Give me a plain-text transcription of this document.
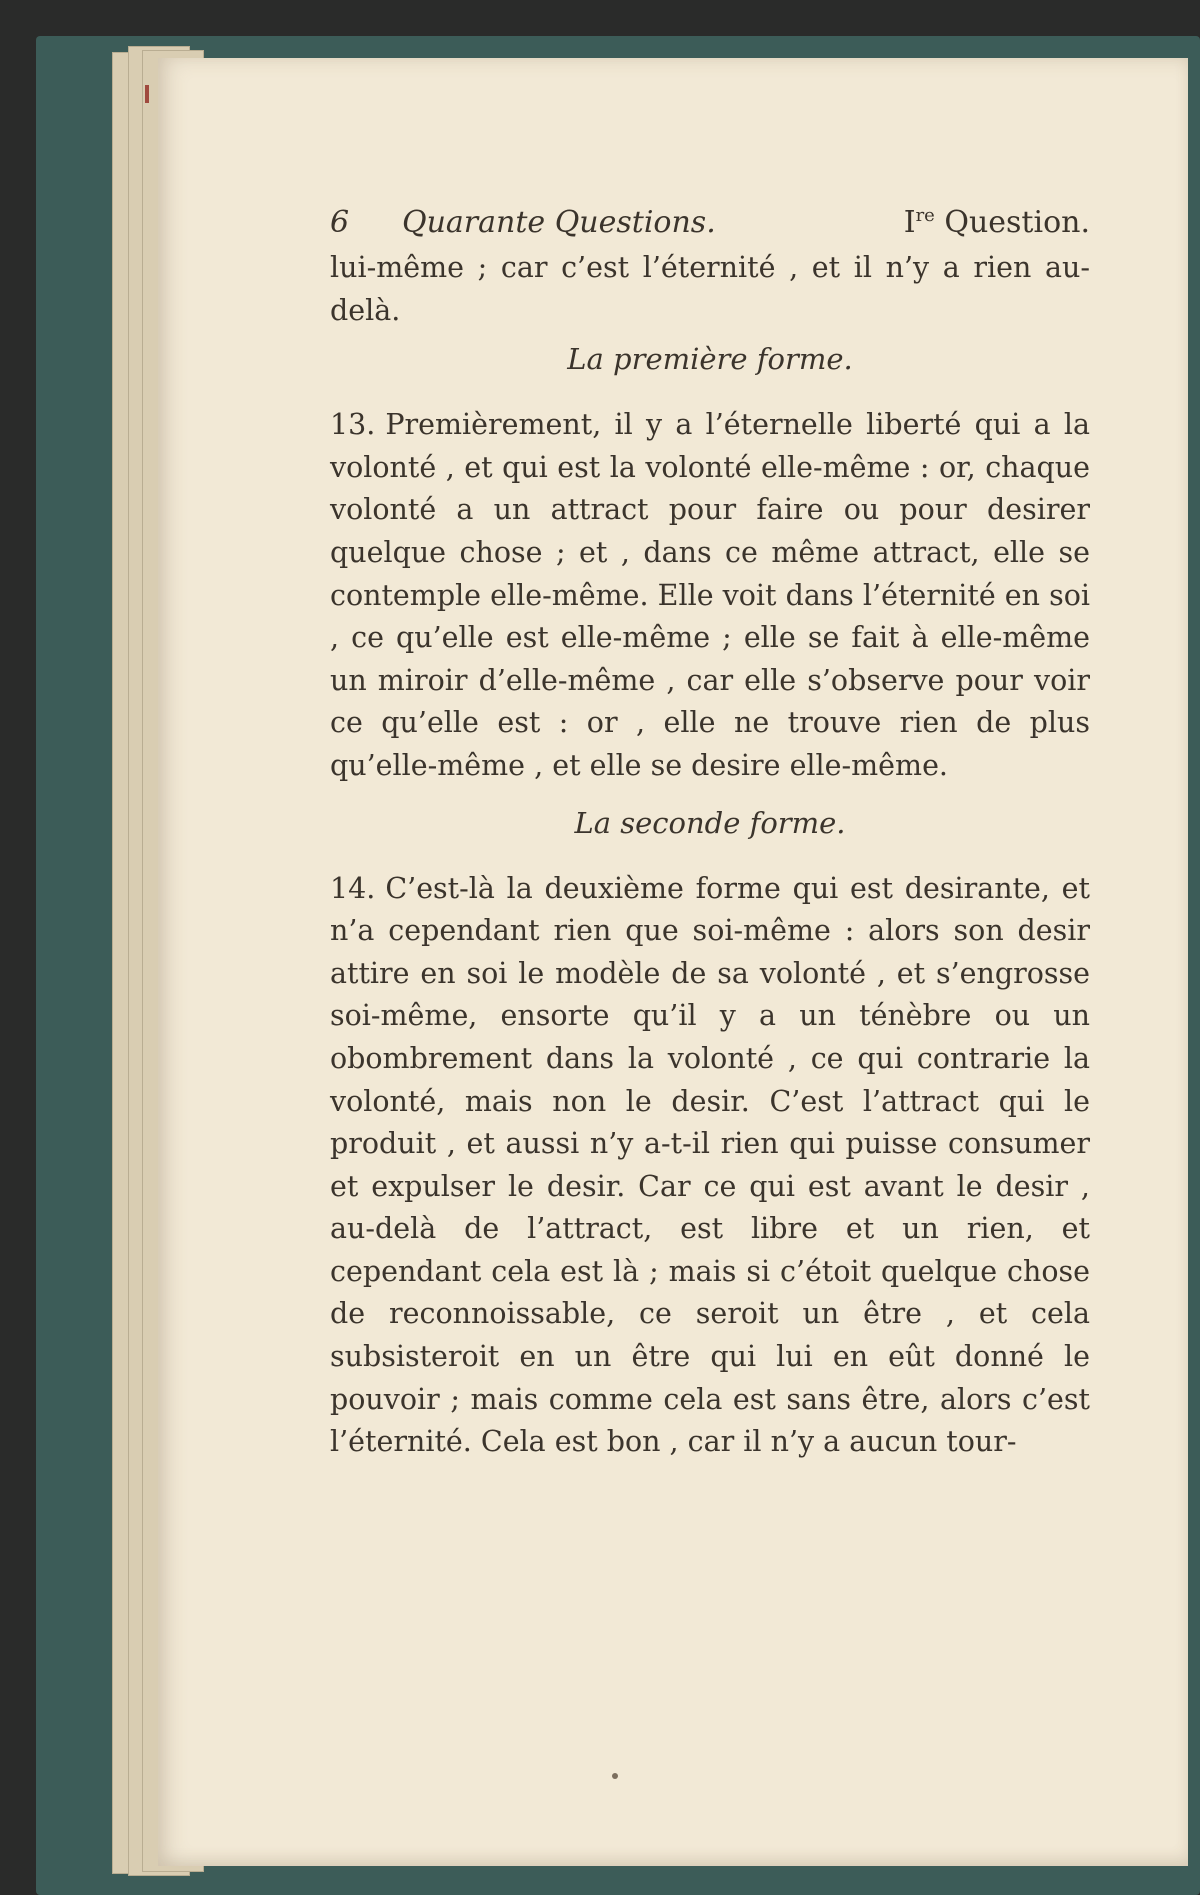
6 Quarante Questions.	Ire Question.

lui-même ; car c’est l’éternité , et il n’y a rien au-delà.

La première forme.

13. Premièrement, il y a l’éternelle liberté qui a la volonté , et qui est la volonté elle-même : or, chaque volonté a un attract pour faire ou pour desirer quelque chose ; et , dans ce même attract, elle se contemple elle-même. Elle voit dans l’éternité en soi , ce qu’elle est elle-même ; elle se fait à elle-même un miroir d’elle-même , car elle s’observe pour voir ce qu’elle est : or , elle ne trouve rien de plus qu’elle-même , et elle se desire elle-même.

La seconde forme.

14. C’est-là la deuxième forme qui est desirante, et n’a cependant rien que soi-même : alors son desir attire en soi le modèle de sa volonté , et s’engrosse soi-même, ensorte qu’il y a un ténèbre ou un obombrement dans la volonté , ce qui contrarie la volonté, mais non le desir. C’est l’attract qui le produit , et aussi n’y a-t-il rien qui puisse consumer et expulser le desir. Car ce qui est avant le desir , au-delà de l’attract, est libre et un rien, et cependant cela est là ; mais si c’étoit quelque chose de reconnoissable, ce seroit un être , et cela subsisteroit en un être qui lui en eût donné le pouvoir ; mais comme cela est sans être, alors c’est l’éternité. Cela est bon , car il n’y a aucun tour-
